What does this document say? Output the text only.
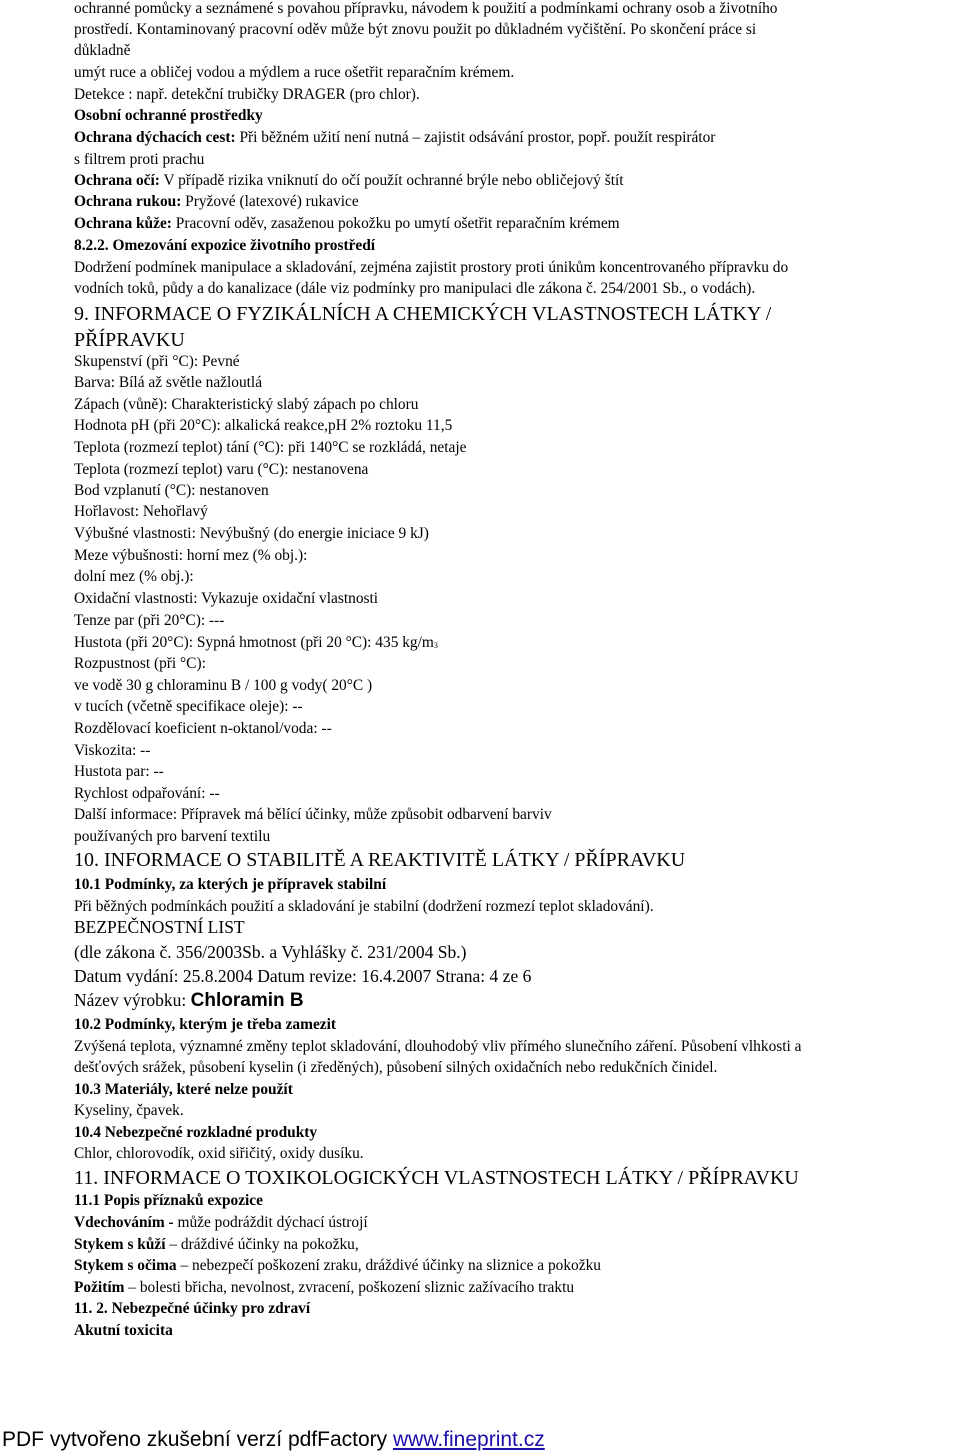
ochranné pomůcky a seznámené s povahou přípravku, návodem k použití a podmínkami ochrany osob a životního
prostředí. Kontaminovaný pracovní oděv může být znovu použit po důkladném vyčištění. Po skončení práce si
důkladně
umýt ruce a obličej vodou a mýdlem a ruce ošetřit reparačním krémem.
Detekce : např. detekční trubičky DRAGER (pro chlor).
Osobní ochranné prostředky
Ochrana dýchacích cest: Při běžném užití není nutná – zajistit odsávání prostor, popř. použít respirátor
s filtrem proti prachu
Ochrana očí: V případě rizika vniknutí do očí použít ochranné brýle nebo obličejový štít
Ochrana rukou: Pryžové (latexové) rukavice
Ochrana kůže: Pracovní oděv, zasaženou pokožku po umytí ošetřit reparačním krémem
8.2.2. Omezování expozice životního prostředí
Dodržení podmínek manipulace a skladování, zejména zajistit prostory proti únikům koncentrovaného přípravku do
vodních toků, půdy a do kanalizace (dále viz podmínky pro manipulaci dle zákona č. 254/2001 Sb., o vodách).
9. INFORMACE O FYZIKÁLNÍCH A CHEMICKÝCH VLASTNOSTECH LÁTKY /
PŘÍPRAVKU
Skupenství (při °C): Pevné
Barva: Bílá až světle nažloutlá
Zápach (vůně): Charakteristický slabý zápach po chloru
Hodnota pH (při 20°C): alkalická reakce,pH 2% roztoku 11,5
Teplota (rozmezí teplot) tání (°C): při 140°C se rozkládá, netaje
Teplota (rozmezí teplot) varu (°C): nestanovena
Bod vzplanutí (°C): nestanoven
Hořlavost: Nehořlavý
Výbušné vlastnosti: Nevýbušný (do energie iniciace 9 kJ)
Meze výbušnosti: horní mez (% obj.):
dolní mez (% obj.):
Oxidační vlastnosti: Vykazuje oxidační vlastnosti
Tenze par (při 20°C): ---
Hustota (při 20°C): Sypná hmotnost (při 20 °C): 435 kg/m3
Rozpustnost (při °C):
ve vodě 30 g chloraminu B / 100 g vody( 20°C )
v tucích (včetně specifikace oleje): --
Rozdělovací koeficient n-oktanol/voda: --
Viskozita: --
Hustota par: --
Rychlost odpařování: --
Další informace: Přípravek má bělící účinky, může způsobit odbarvení barviv
používaných pro barvení textilu
10. INFORMACE O STABILITĚ A REAKTIVITĚ LÁTKY / PŘÍPRAVKU
10.1 Podmínky, za kterých je přípravek stabilní
Při běžných podmínkách použití a skladování je stabilní (dodržení rozmezí teplot skladování).
BEZPEČNOSTNÍ LIST
(dle zákona č. 356/2003Sb. a Vyhlášky č. 231/2004 Sb.)
Datum vydání: 25.8.2004 Datum revize: 16.4.2007 Strana: 4 ze 6
Název výrobku: Chloramin B
10.2 Podmínky, kterým je třeba zamezit
Zvýšená teplota, významné změny teplot skladování, dlouhodobý vliv přímého slunečního záření. Působení vlhkosti a
dešťových srážek, působení kyselin (i zředěných), působení silných oxidačních nebo redukčních činidel.
10.3 Materiály, které nelze použít
Kyseliny, čpavek.
10.4 Nebezpečné rozkladné produkty
Chlor, chlorovodík, oxid siřičitý, oxidy dusíku.
11. INFORMACE O TOXIKOLOGICKÝCH VLASTNOSTECH LÁTKY / PŘÍPRAVKU
11.1 Popis příznaků expozice
Vdechováním - může podráždit dýchací ústrojí
Stykem s kůží – dráždivé účinky na pokožku,
Stykem s očima – nebezpečí poškození zraku, dráždivé účinky na sliznice a pokožku
Požitím – bolesti břicha, nevolnost, zvracení, poškození sliznic zažívacího traktu
11. 2. Nebezpečné účinky pro zdraví
Akutní toxicita
PDF vytvořeno zkušební verzí pdfFactory www.fineprint.cz
